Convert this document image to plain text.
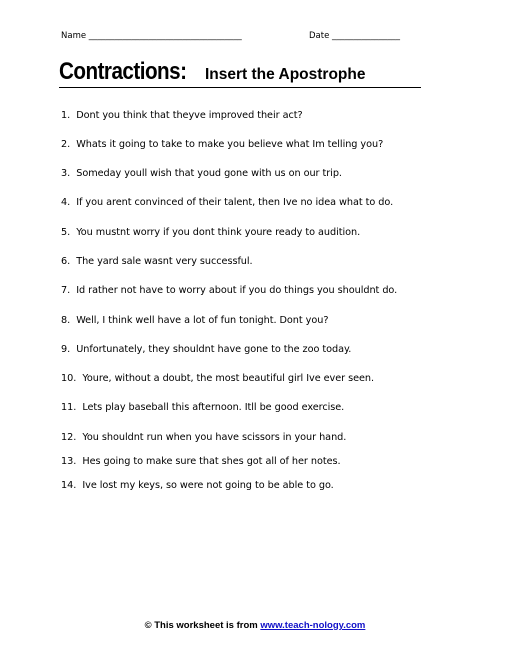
Name ____________________________________	Date ________________
Contractions: Insert the Apostrophe
1. Dont you think that theyve improved their act?
2. Whats it going to take to make you believe what Im telling you?
3. Someday youll wish that youd gone with us on our trip.
4. If you arent convinced of their talent, then Ive no idea what to do.
5. You mustnt worry if you dont think youre ready to audition.
6. The yard sale wasnt very successful.
7. Id rather not have to worry about if you do things you shouldnt do.
8. Well, I think well have a lot of fun tonight. Dont you?
9. Unfortunately, they shouldnt have gone to the zoo today.
10. Youre, without a doubt, the most beautiful girl Ive ever seen.
11. Lets play baseball this afternoon. Itll be good exercise.
12. You shouldnt run when you have scissors in your hand.
13. Hes going to make sure that shes got all of her notes.
14. Ive lost my keys, so were not going to be able to go.
© This worksheet is from www.teach-nology.com
